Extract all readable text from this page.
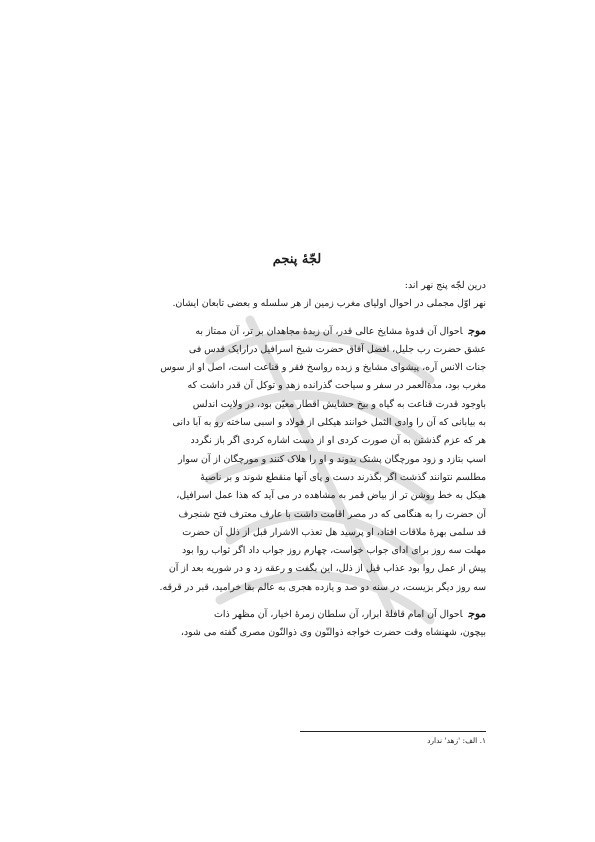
لجّهٔ پنجم

درین لجّه پنج نهر اند:

نهر اوّل مجملی در احوال اولیای مغرب زمین از هر سلسله و بعضی تابعان ایشان.

موجاحوال آن قدوهٔ مشایخ عالی قدر، آن زبدهٔ مجاهدان بر تر، آن ممتاز به

عشق حضرت رب جلیل، افضل آفاق حضرت شیخ اسرافیل درارایک قدس فی

جنات الانس آره، پیشوای مشایخ و زبده رواسخ فقر و قناعت است، اصل او از سوس

مغرب بود، مدةالعمر در سفر و سیاحت گذرانده زهد و توکل آن قدر داشت که

باوجود قدرت قناعت به گیاه و بیخ حشایش اقطار معیّن بود، در ولایت اندلس

به بیابانی که آن را وادی الثمل خوانند هیکلی از فولاد و اسبی ساخته رو به آبا دانی

هر که عزم گذشتن به آن صورت کردی او از دست اشاره کردی اگر باز نگردد

اسپ بتازد و زود مورچگان پشتک بدوند و او را هلاک کنند و مورچگان از آن سوار

مطلسم نتوانند گذشت اگر بگذرند دست و پای آنها منقطع شوند و بر ناصیهٔ

هیکل به خط روشن تر از بیاض قمر به مشاهده در می آید که هذا عمل اسرافیل،

آن حضرت را به هنگامی که در مصر اقامت داشت با عارف معترف فتح شنجرف

قد سلمی بهرهٔ ملاقات افتاد، او پرسید هل تعذب الاشرار قبل از ذلل آن حضرت

مهلت سه روز برای ادای جواب خواست، چهارم روز جواب داد اگر ثواب روا بود

پیش از عمل روا بود عذاب قبل از ذلل، این بگفت و رعقه زد و در شوریه بعد از آن

سه روز دیگر بزیست، در سنه دو صد و یازده هجری به عالم بقا خرامید، قبر در قرقه.

موجاحوال آن امام قافلهٔ ابرار، آن سلطان زمرهٔ اخیار، آن مظهر ذات

بیچون، شهنشاه وقت حضرت خواجه ذوالنّون وی ذوالنّون مصری گفته می شود،

۱. الف: 'زهد' ندارد
